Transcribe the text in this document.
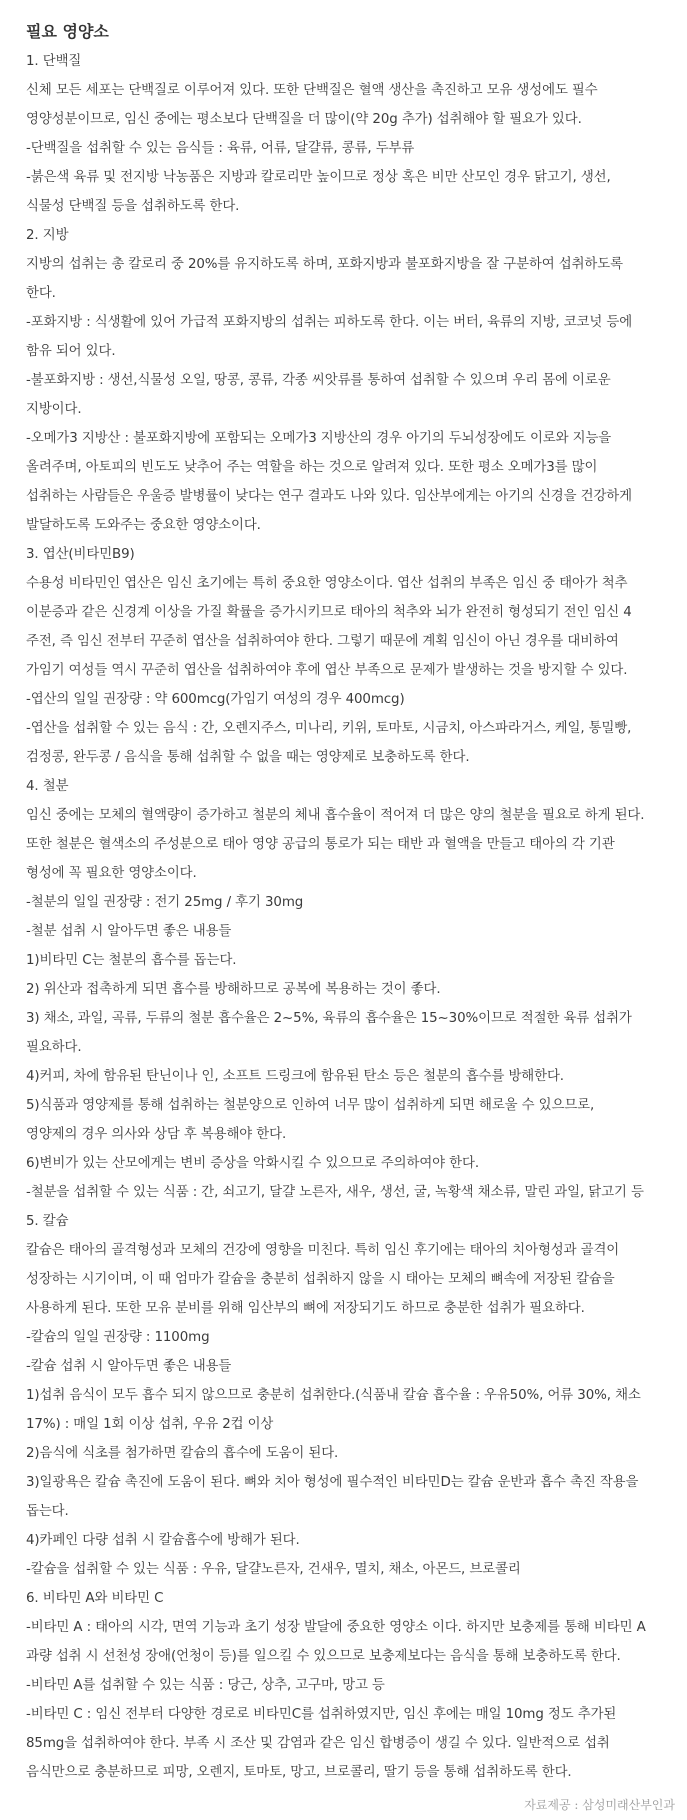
필요 영양소
1. 단백질
신체 모든 세포는 단백질로 이루어져 있다. 또한 단백질은 혈액 생산을 촉진하고 모유 생성에도 필수
영양성분이므로, 임신 중에는 평소보다 단백질을 더 많이(약 20g 추가) 섭취해야 할 필요가 있다.
-단백질을 섭취할 수 있는 음식들 : 육류, 어류, 달걀류, 콩류, 두부류
-붉은색 육류 및 전지방 낙농품은 지방과 칼로리만 높이므로 정상 혹은 비만 산모인 경우 닭고기, 생선,
식물성 단백질 등을 섭취하도록 한다.
2. 지방
지방의 섭취는 총 칼로리 중 20%를 유지하도록 하며, 포화지방과 불포화지방을 잘 구분하여 섭취하도록
한다.
-포화지방 : 식생활에 있어 가급적 포화지방의 섭취는 피하도록 한다. 이는 버터, 육류의 지방, 코코넛 등에
함유 되어 있다.
-불포화지방 : 생선,식물성 오일, 땅콩, 콩류, 각종 씨앗류를 통하여 섭취할 수 있으며 우리 몸에 이로운
지방이다.
-오메가3 지방산 : 불포화지방에 포함되는 오메가3 지방산의 경우 아기의 두뇌성장에도 이로와 지능을
올려주며, 아토피의 빈도도 낮추어 주는 역할을 하는 것으로 알려져 있다. 또한 평소 오메가3를 많이
섭취하는 사람들은 우울증 발병률이 낮다는 연구 결과도 나와 있다. 임산부에게는 아기의 신경을 건강하게
발달하도록 도와주는 중요한 영양소이다.
3. 엽산(비타민B9)
수용성 비타민인 엽산은 임신 초기에는 특히 중요한 영양소이다. 엽산 섭취의 부족은 임신 중 태아가 척추
이분증과 같은 신경계 이상을 가질 확률을 증가시키므로 태아의 척추와 뇌가 완전히 형성되기 전인 임신 4
주전, 즉 임신 전부터 꾸준히 엽산을 섭취하여야 한다. 그렇기 때문에 계획 임신이 아닌 경우를 대비하여
가임기 여성들 역시 꾸준히 엽산을 섭취하여야 후에 엽산 부족으로 문제가 발생하는 것을 방지할 수 있다.
-엽산의 일일 권장량 : 약 600mcg(가임기 여성의 경우 400mcg)
-엽산을 섭취할 수 있는 음식 : 간, 오렌지주스, 미나리, 키위, 토마토, 시금치, 아스파라거스, 케일, 통밀빵,
검정콩, 완두콩 / 음식을 통해 섭취할 수 없을 때는 영양제로 보충하도록 한다.
4. 철분
임신 중에는 모체의 혈액량이 증가하고 철분의 체내 흡수율이 적어져 더 많은 양의 철분을 필요로 하게 된다.
또한 철분은 혈색소의 주성분으로 태아 영양 공급의 통로가 되는 태반 과 혈액을 만들고 태아의 각 기관
형성에 꼭 필요한 영양소이다.
-철분의 일일 권장량 : 전기 25mg / 후기 30mg
-철분 섭취 시 알아두면 좋은 내용들
1)비타민 C는 철분의 흡수를 돕는다.
2) 위산과 접촉하게 되면 흡수를 방해하므로 공복에 복용하는 것이 좋다.
3) 채소, 과일, 곡류, 두류의 철분 흡수율은 2~5%, 육류의 흡수율은 15~30%이므로 적절한 육류 섭취가
필요하다.
4)커피, 차에 함유된 탄닌이나 인, 소프트 드링크에 함유된 탄소 등은 철분의 흡수를 방해한다.
5)식품과 영양제를 통해 섭취하는 철분양으로 인하여 너무 많이 섭취하게 되면 해로울 수 있으므로,
영양제의 경우 의사와 상담 후 복용해야 한다.
6)변비가 있는 산모에게는 변비 증상을 악화시킬 수 있으므로 주의하여야 한다.
-철분을 섭취할 수 있는 식품 : 간, 쇠고기, 달걀 노른자, 새우, 생선, 굴, 녹황색 채소류, 말린 과일, 닭고기 등
5. 칼슘
칼슘은 태아의 골격형성과 모체의 건강에 영향을 미친다. 특히 임신 후기에는 태아의 치아형성과 골격이
성장하는 시기이며, 이 때 엄마가 칼슘을 충분히 섭취하지 않을 시 태아는 모체의 뼈속에 저장된 칼슘을
사용하게 된다. 또한 모유 분비를 위해 임산부의 뼈에 저장되기도 하므로 충분한 섭취가 필요하다.
-칼슘의 일일 권장량 : 1100mg
-칼슘 섭취 시 알아두면 좋은 내용들
1)섭취 음식이 모두 흡수 되지 않으므로 충분히 섭취한다.(식품내 칼슘 흡수율 : 우유50%, 어류 30%, 채소
17%) : 매일 1회 이상 섭취, 우유 2컵 이상
2)음식에 식초를 첨가하면 칼슘의 흡수에 도움이 된다.
3)일광욕은 칼슘 촉진에 도움이 된다. 뼈와 치아 형성에 필수적인 비타민D는 칼슘 운반과 흡수 촉진 작용을
돕는다.
4)카페인 다량 섭취 시 칼슘흡수에 방해가 된다.
-칼슘을 섭취할 수 있는 식품 : 우유, 달걀노른자, 건새우, 멸치, 채소, 아몬드, 브로콜리
6. 비타민 A와 비타민 C
-비타민 A : 태아의 시각, 면역 기능과 초기 성장 발달에 중요한 영양소 이다. 하지만 보충제를 통해 비타민 A
과량 섭취 시 선천성 장애(언청이 등)를 일으킬 수 있으므로 보충제보다는 음식을 통해 보충하도록 한다.
-비타민 A를 섭취할 수 있는 식품 : 당근, 상추, 고구마, 망고 등
-비타민 C : 임신 전부터 다양한 경로로 비타민C를 섭취하였지만, 임신 후에는 매일 10mg 정도 추가된
85mg을 섭취하여야 한다. 부족 시 조산 및 감염과 같은 임신 합병증이 생길 수 있다. 일반적으로 섭취
음식만으로 충분하므로 피망, 오렌지, 토마토, 망고, 브로콜리, 딸기 등을 통해 섭취하도록 한다.
자료제공 : 삼성미래산부인과
